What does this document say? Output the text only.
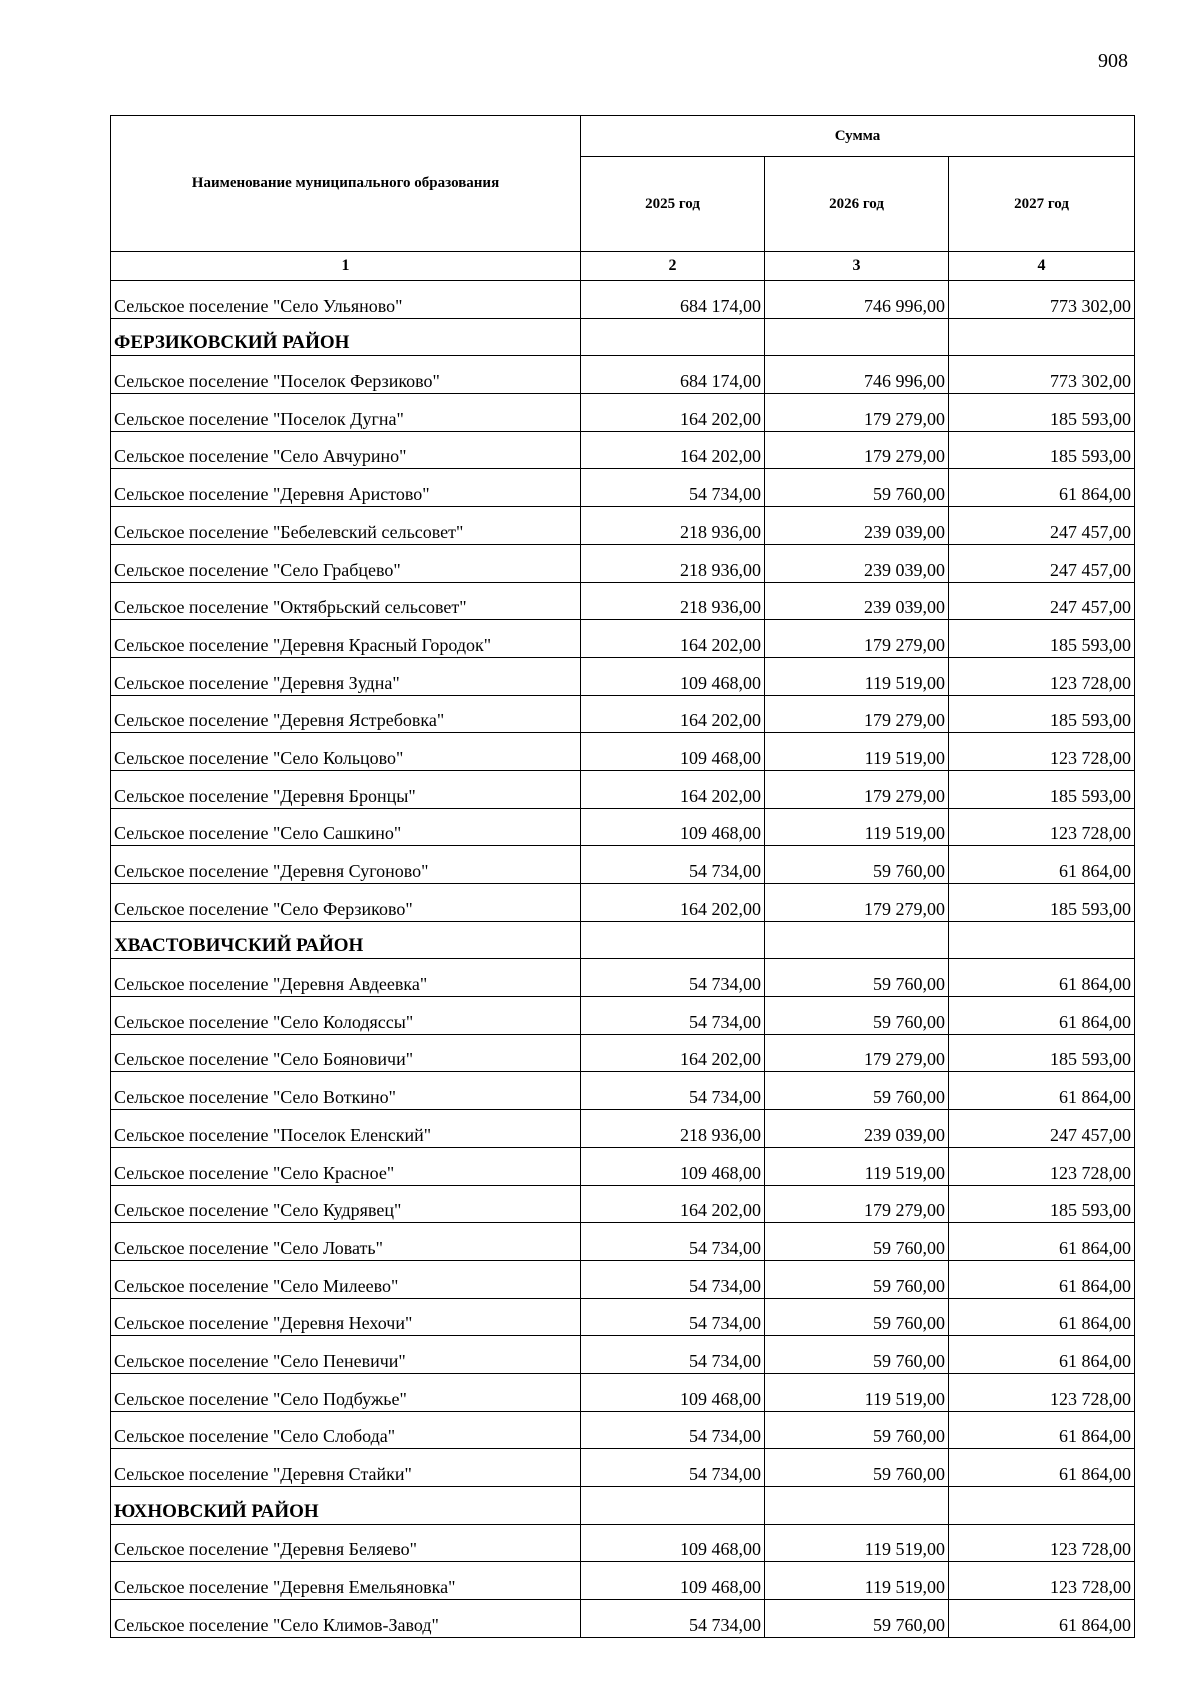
908
Наименование муниципального образования	Сумма		
	2025 год	2026 год	2027 год
1	2	3	4
Сельское поселение "Село Ульяново"	684 174,00	746 996,00	773 302,00
ФЕРЗИКОВСКИЙ РАЙОН			
Сельское поселение "Поселок Ферзиково"	684 174,00	746 996,00	773 302,00
Сельское поселение "Поселок Дугна"	164 202,00	179 279,00	185 593,00
Сельское поселение "Село Авчурино"	164 202,00	179 279,00	185 593,00
Сельское поселение "Деревня Аристово"	54 734,00	59 760,00	61 864,00
Сельское поселение "Бебелевский сельсовет"	218 936,00	239 039,00	247 457,00
Сельское поселение "Село Грабцево"	218 936,00	239 039,00	247 457,00
Сельское поселение "Октябрьский сельсовет"	218 936,00	239 039,00	247 457,00
Сельское поселение "Деревня Красный Городок"	164 202,00	179 279,00	185 593,00
Сельское поселение "Деревня Зудна"	109 468,00	119 519,00	123 728,00
Сельское поселение "Деревня Ястребовка"	164 202,00	179 279,00	185 593,00
Сельское поселение "Село Кольцово"	109 468,00	119 519,00	123 728,00
Сельское поселение "Деревня Бронцы"	164 202,00	179 279,00	185 593,00
Сельское поселение "Село Сашкино"	109 468,00	119 519,00	123 728,00
Сельское поселение "Деревня Сугоново"	54 734,00	59 760,00	61 864,00
Сельское поселение "Село Ферзиково"	164 202,00	179 279,00	185 593,00
ХВАСТОВИЧСКИЙ РАЙОН			
Сельское поселение "Деревня Авдеевка"	54 734,00	59 760,00	61 864,00
Сельское поселение "Село Колодяссы"	54 734,00	59 760,00	61 864,00
Сельское поселение "Село Бояновичи"	164 202,00	179 279,00	185 593,00
Сельское поселение "Село Воткино"	54 734,00	59 760,00	61 864,00
Сельское поселение "Поселок Еленский"	218 936,00	239 039,00	247 457,00
Сельское поселение "Село Красное"	109 468,00	119 519,00	123 728,00
Сельское поселение "Село Кудрявец"	164 202,00	179 279,00	185 593,00
Сельское поселение "Село Ловать"	54 734,00	59 760,00	61 864,00
Сельское поселение "Село Милеево"	54 734,00	59 760,00	61 864,00
Сельское поселение "Деревня Нехочи"	54 734,00	59 760,00	61 864,00
Сельское поселение "Село Пеневичи"	54 734,00	59 760,00	61 864,00
Сельское поселение "Село Подбужье"	109 468,00	119 519,00	123 728,00
Сельское поселение "Село Слобода"	54 734,00	59 760,00	61 864,00
Сельское поселение "Деревня Стайки"	54 734,00	59 760,00	61 864,00
ЮХНОВСКИЙ РАЙОН			
Сельское поселение "Деревня Беляево"	109 468,00	119 519,00	123 728,00
Сельское поселение "Деревня Емельяновка"	109 468,00	119 519,00	123 728,00
Сельское поселение "Село Климов-Завод"	54 734,00	59 760,00	61 864,00
